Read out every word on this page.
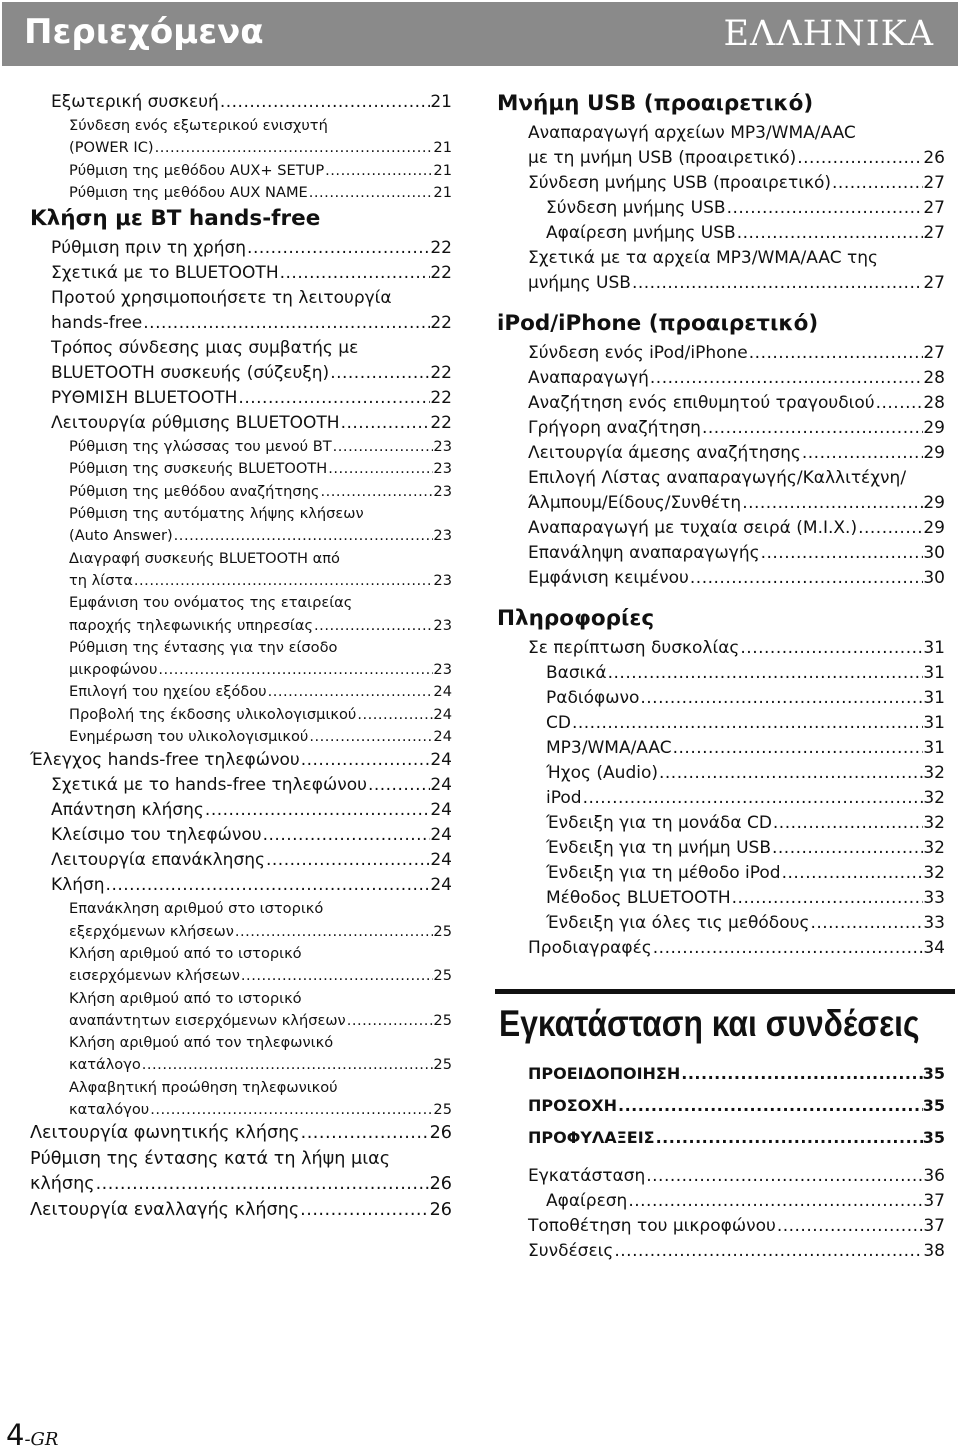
Περιεχόμενα	ΕΛΛΗΝΙΚΑ
Εξωτερική συσκευή .....	21
Σύνδεση ενός εξωτερικού ενισχυτή
(POWER IC) .....	21
Ρύθμιση της μεθόδου AUX+ SETUP .....	21
Ρύθμιση της μεθόδου AUX NAME .....	21
Κλήση με BT hands-free
Ρύθμιση πριν τη χρήση .....	22
Σχετικά με το BLUETOOTH .....	22
Προτού χρησιμοποιήσετε τη λειτουργία
hands-free .....	22
Τρόπος σύνδεσης μιας συμβατής με
BLUETOOTH συσκευής (σύζευξη) .....	22
ΡΥΘΜΙΣΗ BLUETOOTH .....	22
Λειτουργία ρύθμισης BLUETOOTH .....	22
Ρύθμιση της γλώσσας του μενού BT .....	23
Ρύθμιση της συσκευής BLUETOOTH .....	23
Ρύθμιση της μεθόδου αναζήτησης .....	23
Ρύθμιση της αυτόματης λήψης κλήσεων
(Auto Answer) .....	23
Διαγραφή συσκευής BLUETOOTH από
τη λίστα .....	23
Εμφάνιση του ονόματος της εταιρείας
παροχής τηλεφωνικής υπηρεσίας .....	23
Ρύθμιση της έντασης για την είσοδο
μικροφώνου .....	23
Επιλογή του ηχείου εξόδου .....	24
Προβολή της έκδοσης υλικολογισμικού .....	24
Ενημέρωση του υλικολογισμικού .....	24
Έλεγχος hands-free τηλεφώνου .....	24
Σχετικά με το hands-free τηλεφώνου .....	24
Απάντηση κλήσης .....	24
Κλείσιμο του τηλεφώνου .....	24
Λειτουργία επανάκλησης .....	24
Κλήση .....	24
Επανάκληση αριθμού στο ιστορικό
εξερχόμενων κλήσεων .....	25
Κλήση αριθμού από το ιστορικό
εισερχόμενων κλήσεων .....	25
Κλήση αριθμού από το ιστορικό
αναπάντητων εισερχόμενων κλήσεων .....	25
Κλήση αριθμού από τον τηλεφωνικό
κατάλογο .....	25
Αλφαβητική προώθηση τηλεφωνικού
καταλόγου .....	25
Λειτουργία φωνητικής κλήσης .....	26
Ρύθμιση της έντασης κατά τη λήψη μιας
κλήσης .....	26
Λειτουργία εναλλαγής κλήσης .....	26
Μνήμη USB (προαιρετικό)
Αναπαραγωγή αρχείων MP3/WMA/AAC
με τη μνήμη USB (προαιρετικό) .....	26
Σύνδεση μνήμης USB (προαιρετικό) .....	27
Σύνδεση μνήμης USB .....	27
Αφαίρεση μνήμης USB .....	27
Σχετικά με τα αρχεία MP3/WMA/AAC της
μνήμης USB .....	27
iPod/iPhone (προαιρετικό)
Σύνδεση ενός iPod/iPhone .....	27
Αναπαραγωγή .....	28
Αναζήτηση ενός επιθυμητού τραγουδιού .....	28
Γρήγορη αναζήτηση .....	29
Λειτουργία άμεσης αναζήτησης .....	29
Επιλογή Λίστας αναπαραγωγής/Καλλιτέχνη/
Άλμπουμ/Είδους/Συνθέτη .....	29
Αναπαραγωγή με τυχαία σειρά (M.I.X.) .....	29
Επανάληψη αναπαραγωγής .....	30
Εμφάνιση κειμένου .....	30
Πληροφορίες
Σε περίπτωση δυσκολίας .....	31
Βασικά .....	31
Ραδιόφωνο .....	31
CD .....	31
MP3/WMA/AAC .....	31
Ήχος (Audio) .....	32
iPod .....	32
Ένδειξη για τη μονάδα CD .....	32
Ένδειξη για τη μνήμη USB .....	32
Ένδειξη για τη μέθοδο iPod .....	32
Μέθοδος BLUETOOTH .....	33
Ένδειξη για όλες τις μεθόδους .....	33
Προδιαγραφές .....	34
Εγκατάσταση και συνδέσεις
ΠΡΟΕΙΔΟΠΟΙΗΣΗ .....	35
ΠΡΟΣΟΧΗ .....	35
ΠΡΟΦΥΛΑΞΕΙΣ .....	35
Εγκατάσταση .....	36
Αφαίρεση .....	37
Τοποθέτηση του μικροφώνου .....	37
Συνδέσεις .....	38
4-GR
